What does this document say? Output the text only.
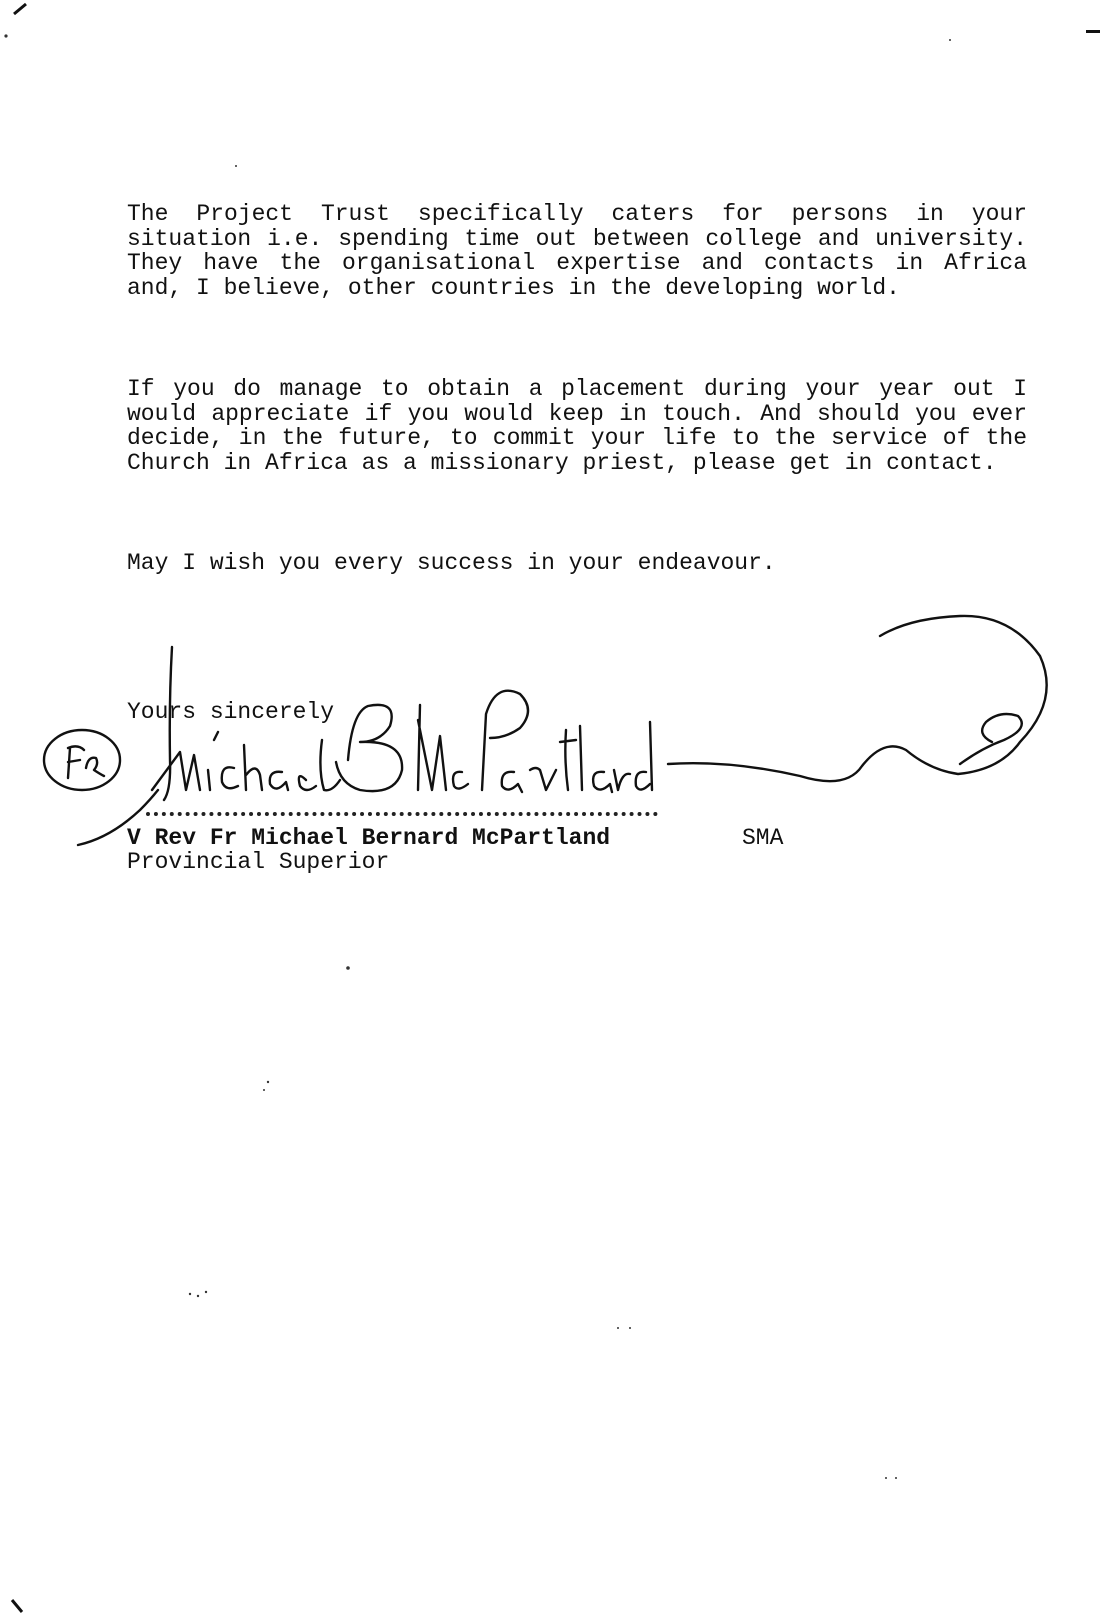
The Project Trust specifically caters for persons in your situation i.e. spending time out between college and university. They have the organisational expertise and contacts in Africa and, I believe, other countries in the developing world.

If you do manage to obtain a placement during your year out I would appreciate if you would keep in touch. And should you ever decide, in the future, to commit your life to the service of the Church in Africa as a missionary priest, please get in contact.

May I wish you every success in your endeavour.

Yours sincerely
V Rev Fr Michael Bernard McPartland	SMA
Provincial Superior
